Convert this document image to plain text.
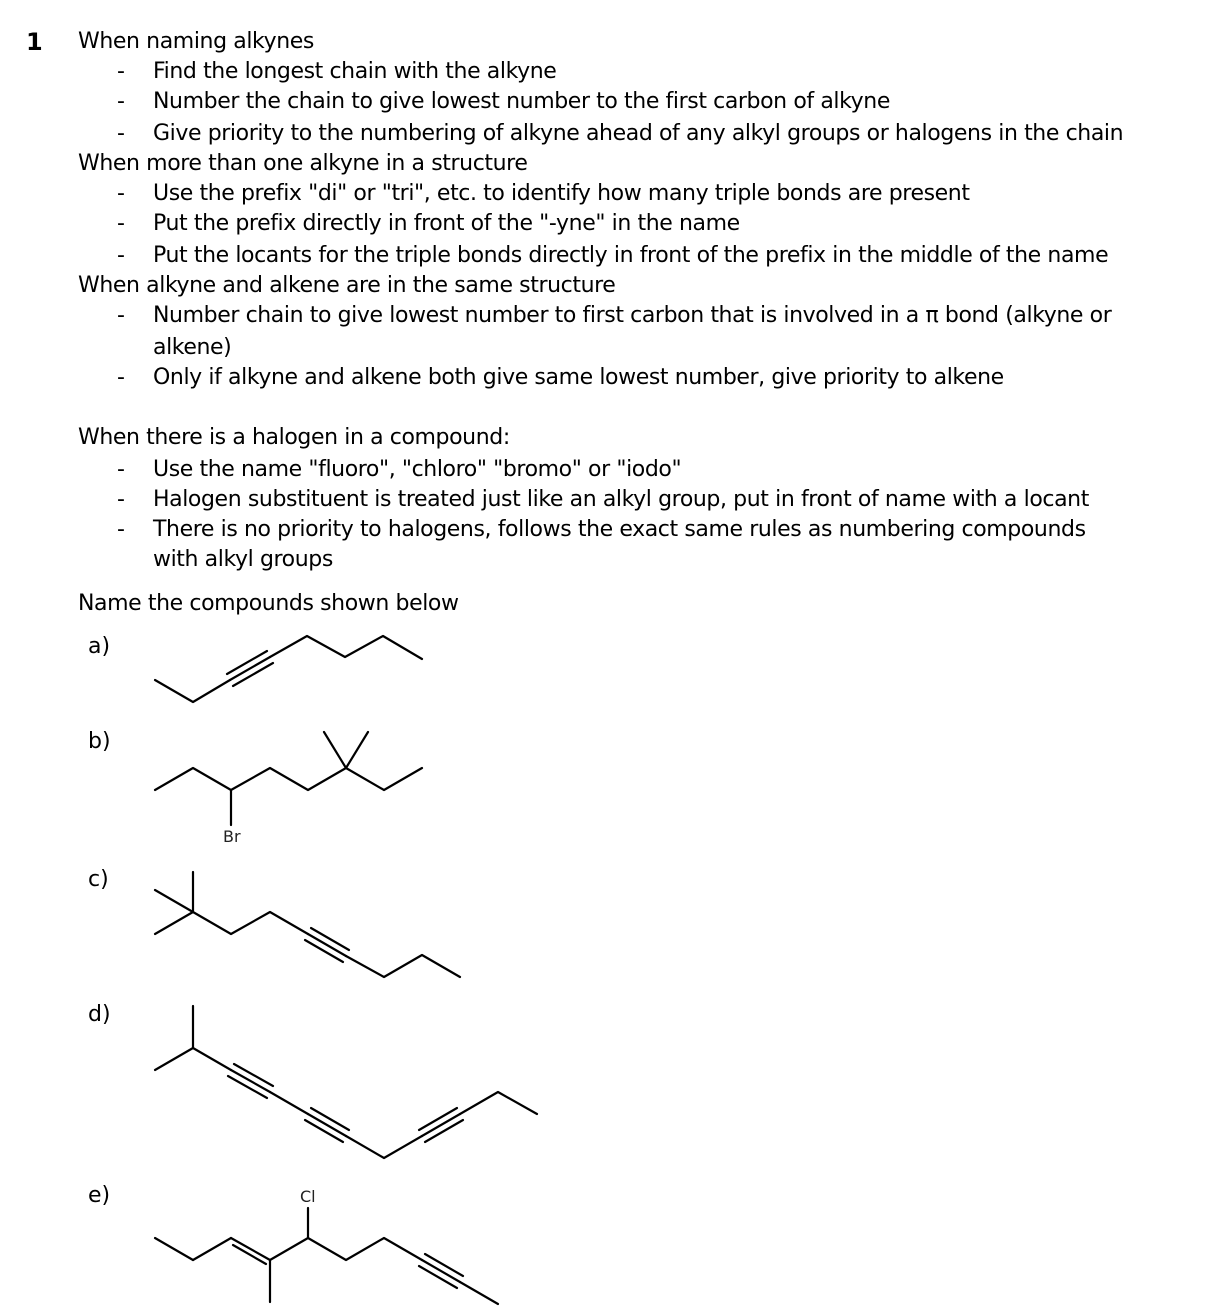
1 When naming alkynes
- Find the longest chain with the alkyne
- Number the chain to give lowest number to the first carbon of alkyne
- Give priority to the numbering of alkyne ahead of any alkyl groups or halogens in the chain
When more than one alkyne in a structure
- Use the prefix "di" or "tri", etc. to identify how many triple bonds are present
- Put the prefix directly in front of the "-yne" in the name
- Put the locants for the triple bonds directly in front of the prefix in the middle of the name
When alkyne and alkene are in the same structure
- Number chain to give lowest number to first carbon that is involved in a π bond (alkyne or
alkene)
- Only if alkyne and alkene both give same lowest number, give priority to alkene
When there is a halogen in a compound:
- Use the name "fluoro", "chloro" "bromo" or "iodo"
- Halogen substituent is treated just like an alkyl group, put in front of name with a locant
- There is no priority to halogens, follows the exact same rules as numbering compounds
with alkyl groups
Name the compounds shown below
a)
b)
c)
d)
e)
Br
Cl
